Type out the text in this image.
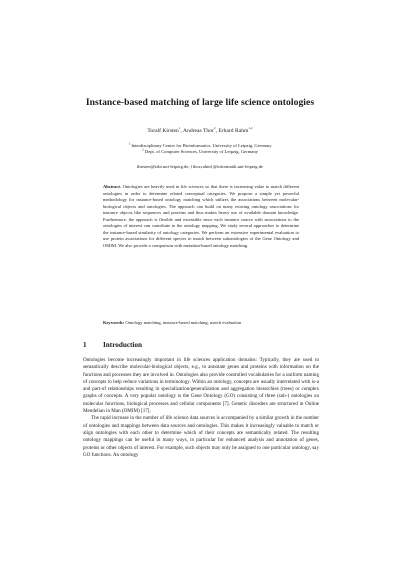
Instance-based matching of large life science ontologies
Toralf Kirsten$^1$, Andreas Thor$^2$, Erhard Rahm$^{1,2}$
$^1$ Interdisciplinary Center for Bioinformatics, University of Leipzig, Germany
$^2$ Dept. of Computer Sciences, University of Leipzig, Germany
thirsten@izbi.uni-leipzig.de, {thor,rahm}@informatik.uni-leipzig.de
Abstract. Ontologies are heavily used in life sciences so that there is increasing value to match different ontologies in order to determine related conceptual categories. We propose a simple yet powerful methodology for instance-based ontology matching which utilizes the associations between molecular-biological objects and ontologies. The approach can build on many existing ontology associations for instance objects like sequences and proteins and thus makes heavy use of available domain knowledge. Furthermore, the approach is flexible and extensible since each instance source with associations to the ontologies of interest can contribute to the ontology mapping. We study several approaches to determine the instance-based similarity of ontology categories. We perform an extensive experimental evaluation to use protein associations for different species to match between subontologies of the Gene Ontology and OMIM. We also provide a comparison with metadata-based ontology matching.
Keywords: Ontology matching, instance-based matching, match evaluation
1 Introduction

Ontologies become increasingly important in life sciences application domains: Typically, they are used to semantically describe molecular-biological objects, e.g., to annotate genes and proteins with information on the functions and processes they are involved in. Ontologies also provide controlled vocabularies for a uniform naming of concepts to help reduce variations in terminology. Within an ontology, concepts are usually interrelated with is-a and part-of relationships resulting in specialization/generalization and aggregation hierarchies (trees) or complex graphs of concepts. A very popular ontology is the Gene Ontology (GO) consisting of three (sub-) ontologies on molecular functions, biological processes and cellular components [7]. Genetic disorders are structured in Online Mendelian in Man (OMIM) [17].

The rapid increase in the number of life science data sources is accompanied by a similar growth in the number of ontologies and mappings between data sources and ontologies. This makes it increasingly valuable to match or align ontologies with each other to determine which of their concepts are semantically related. The resulting ontology mappings can be useful in many ways, in particular for enhanced analysis and annotation of genes, proteins or other objects of interest. For example, such objects may only be assigned to one particular ontology, say GO functions. An ontology
